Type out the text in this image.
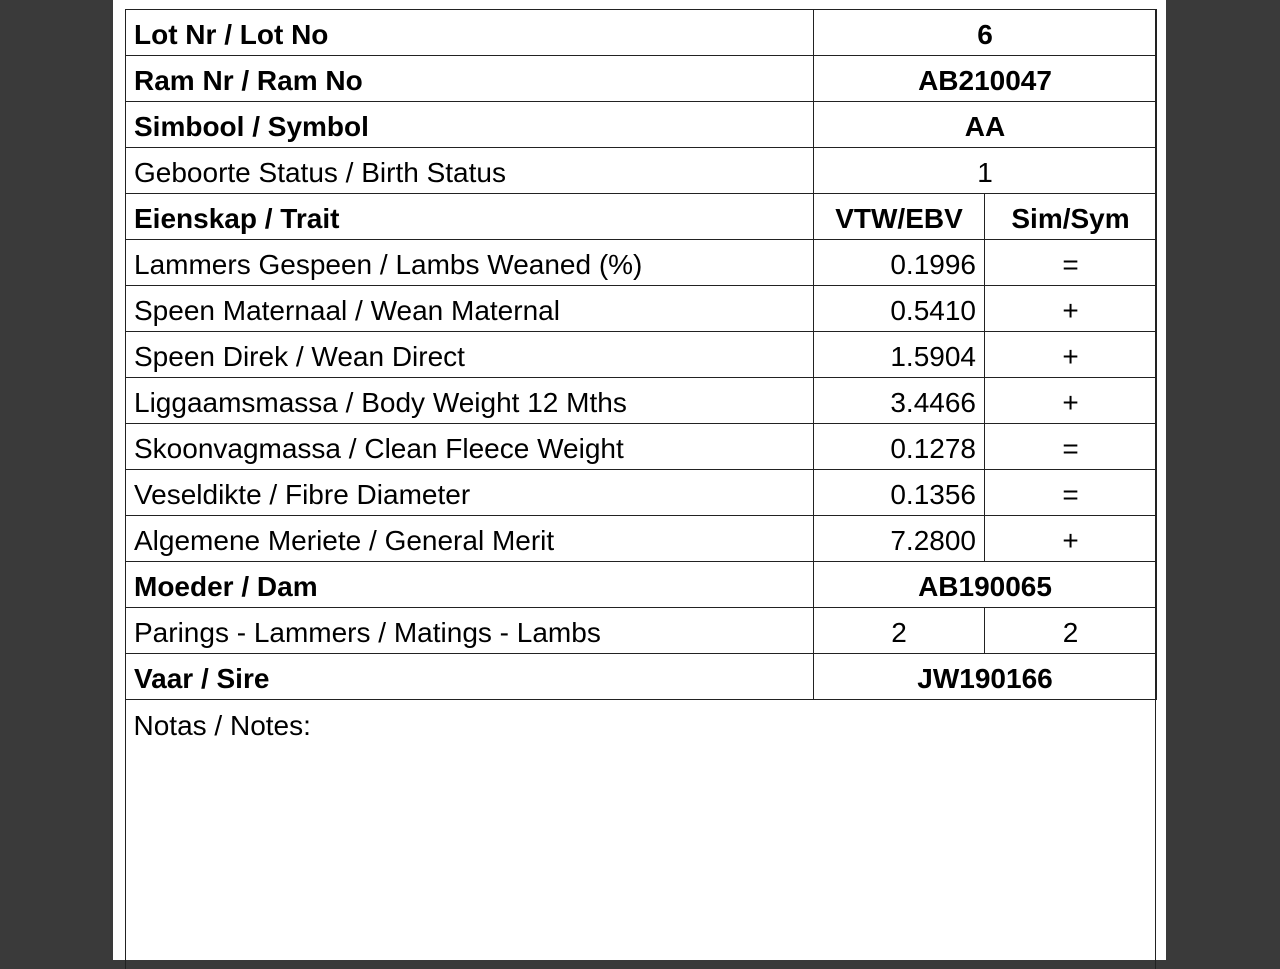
Lot Nr / Lot No	6	
Ram Nr / Ram No	AB210047	
Simbool / Symbol	AA	
Geboorte Status / Birth Status	1	
Eienskap / Trait	VTW/EBV	Sim/Sym
Lammers Gespeen / Lambs Weaned (%)	0.1996	=
Speen Maternaal / Wean Maternal	0.5410	+
Speen Direk / Wean Direct	1.5904	+
Liggaamsmassa / Body Weight 12 Mths	3.4466	+
Skoonvagmassa / Clean Fleece Weight	0.1278	=
Veseldikte / Fibre Diameter	0.1356	=
Algemene Meriete / General Merit	7.2800	+
Moeder / Dam	AB190065	
Parings - Lammers / Matings - Lambs	2	2
Vaar / Sire	JW190166	
Notas / Notes:		
